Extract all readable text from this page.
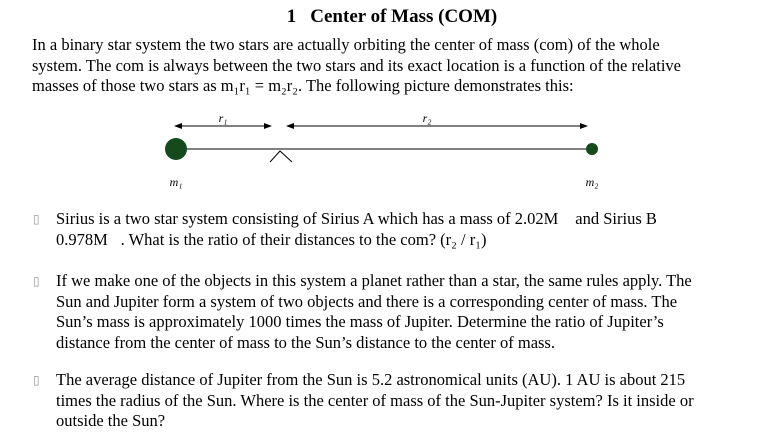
1 Center of Mass (COM)

In a binary star system the two stars are actually orbiting the center of mass (com) of the whole
system. The com is always between the two stars and its exact location is a function of the relative
masses of those two stars as m₁r₁ = m₂r₂. The following picture demonstrates this:

r₁	r₂
m₁	m₂
▯ Sirius is a two star system consisting of Sirius A which has a mass of 2.02M⃓ and Sirius B
0.978M⃓. What is the ratio of their distances to the com? (r₂ / r₁)

▯ If we make one of the objects in this system a planet rather than a star, the same rules apply. The
Sun and Jupiter form a system of two objects and there is a corresponding center of mass. The
Sun’s mass is approximately 1000 times the mass of Jupiter. Determine the ratio of Jupiter’s
distance from the center of mass to the Sun’s distance to the center of mass.

▯ The average distance of Jupiter from the Sun is 5.2 astronomical units (AU). 1 AU is about 215
times the radius of the Sun. Where is the center of mass of the Sun-Jupiter system? Is it inside or
outside the Sun?
